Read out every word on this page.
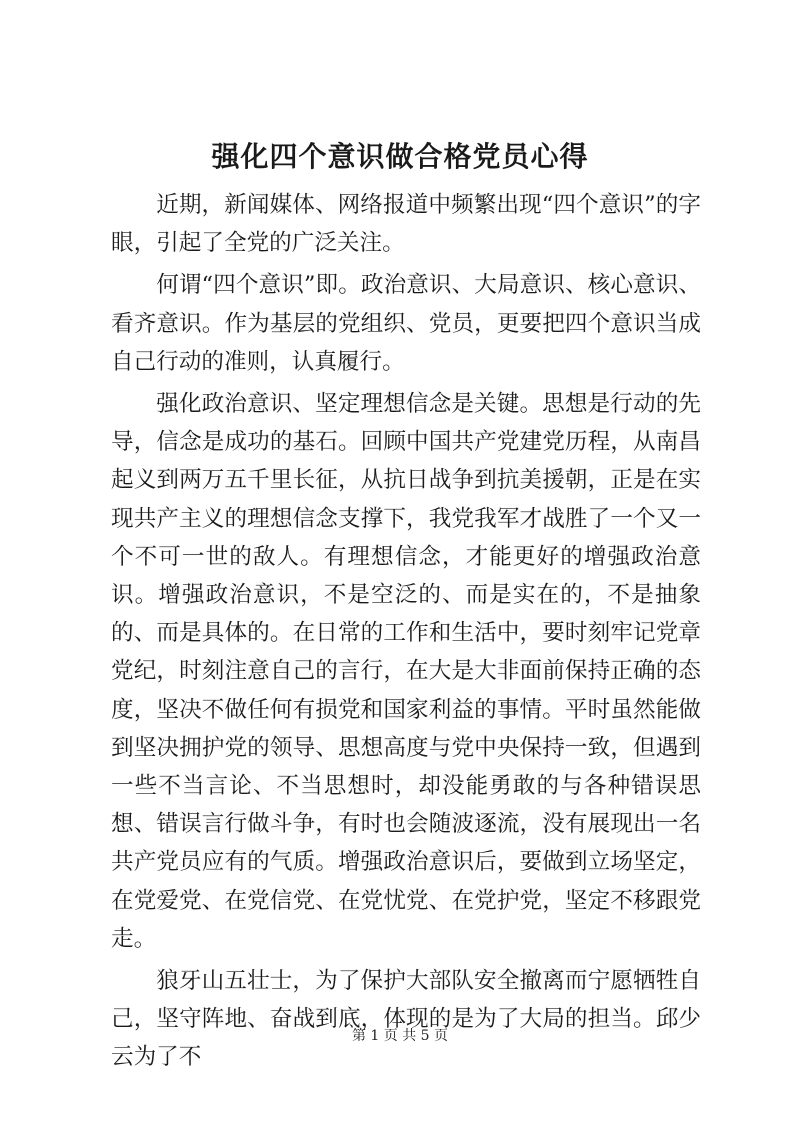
强化四个意识做合格党员心得

近期，新闻媒体、网络报道中频繁出现“四个意识”的字眼，引起了全党的广泛关注。

何谓“四个意识”即。政治意识、大局意识、核心意识、看齐意识。作为基层的党组织、党员，更要把四个意识当成自己行动的准则，认真履行。

强化政治意识、坚定理想信念是关键。思想是行动的先导，信念是成功的基石。回顾中国共产党建党历程，从南昌起义到两万五千里长征，从抗日战争到抗美援朝，正是在实现共产主义的理想信念支撑下，我党我军才战胜了一个又一个不可一世的敌人。有理想信念，才能更好的增强政治意识。增强政治意识，不是空泛的、而是实在的，不是抽象的、而是具体的。在日常的工作和生活中，要时刻牢记党章党纪，时刻注意自己的言行，在大是大非面前保持正确的态度，坚决不做任何有损党和国家利益的事情。平时虽然能做到坚决拥护党的领导、思想高度与党中央保持一致，但遇到一些不当言论、不当思想时，却没能勇敢的与各种错误思想、错误言行做斗争，有时也会随波逐流，没有展现出一名共产党员应有的气质。增强政治意识后，要做到立场坚定，在党爱党、在党信党、在党忧党、在党护党，坚定不移跟党走。

狼牙山五壮士，为了保护大部队安全撤离而宁愿牺牲自己，坚守阵地、奋战到底，体现的是为了大局的担当。邱少云为了不

第 1 页 共 5 页
